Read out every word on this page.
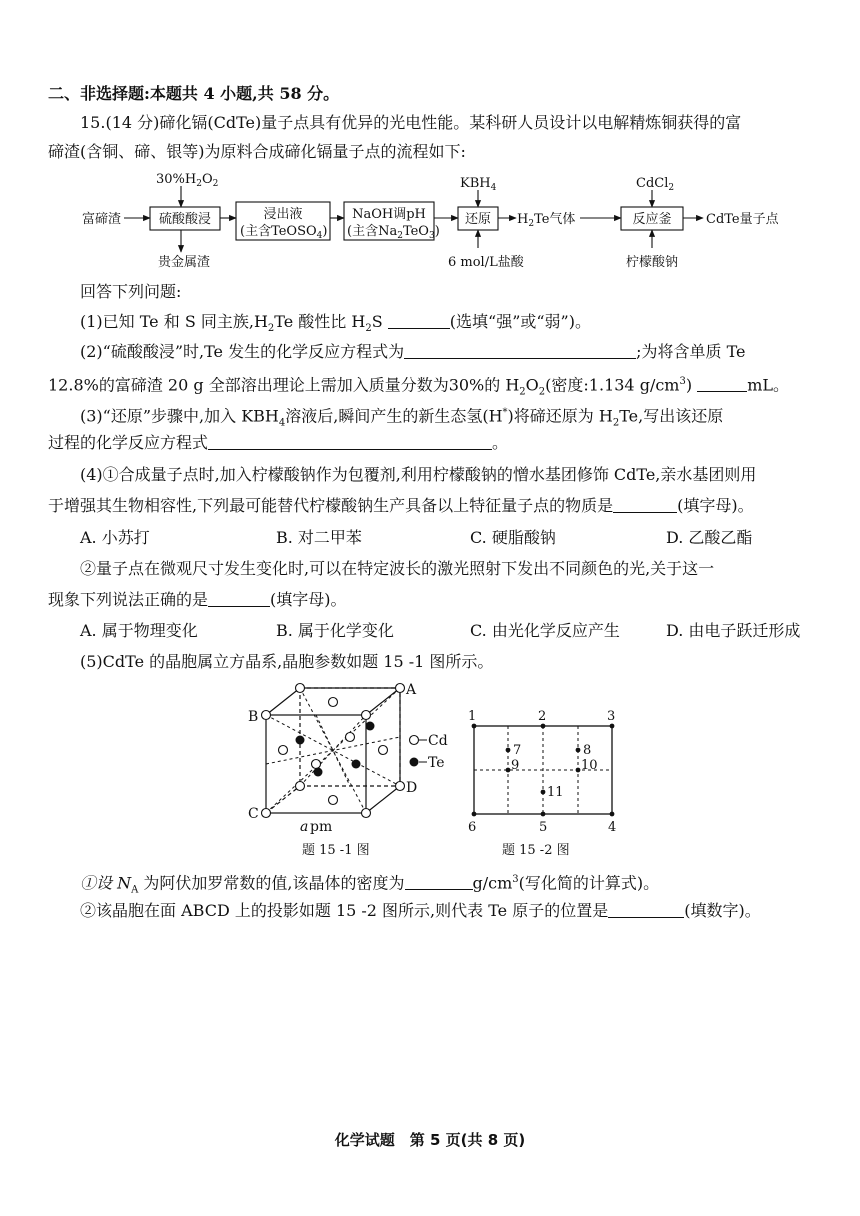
二、非选择题:本题共 4 小题,共 58 分。
15.(14 分)碲化镉(CdTe)量子点具有优异的光电性能。某科研人员设计以电解精炼铜获得的富
碲渣(含铜、碲、银等)为原料合成碲化镉量子点的流程如下:
富碲渣
$30\%H_2O_2$
硫酸酸浸
贵金属渣
浸出液
(主含TeOSO$_4$)
NaOH调pH
(主含$Na_2TeO_3$)
$KBH_4$
还原
6 mol/L盐酸
$H_2Te$气体
CdCl$_2$
反应釜
柠檬酸钠
CdTe量子点
回答下列问题:
(1)已知 Te 和 S 同主族$,H_2Te$ 酸性比 $H_2S$	(选填“强”或“弱”)。
(2)“硫酸酸浸”时,Te 发生的化学反应方程式为	;为将含单质 Te
12.8%的富碲渣 20 g 全部溶出理论上需加入质量分数为30%的 $H_2O_2$(密度:1.134 $g/cm^3$)	mL。
(3)“还原”步骤中,加入 $KBH_4$溶液后,瞬间产生的新生态氢(H*)将碲还原为 $H_2Te$,写出该还原
过程的化学反应方程式	。
(4)①合成量子点时,加入柠檬酸钠作为包覆剂,利用柠檬酸钠的憎水基团修饰 CdTe,亲水基团则用
于增强其生物相容性,下列最可能替代柠檬酸钠生产具备以上特征量子点的物质是	(填字母)。
A. 小苏打	B. 对二甲苯	C. 硬脂酸钠	D. 乙酸乙酯
②量子点在微观尺寸发生变化时,可以在特定波长的激光照射下发出不同颜色的光,关于这一
现象下列说法正确的是	(填字母)。
A. 属于物理变化	B. 属于化学变化	C. 由光化学反应产生	D. 由电子跃迁形成
(5)CdTe 的晶胞属立方晶系,晶胞参数如题 15 -1 图所示。
A
B
C
D
a pm
题 15 -1 图
Cd
Te
1	2	3
4
5
6
7	8
9	10
11
题 15 -2 图
①设 $N_A$ 为阿伏加罗常数的值,该晶体的密度为	$g/cm^3$(写化简的计算式)。
②该晶胞在面 ABCD 上的投影如题 15 -2 图所示,则代表 Te 原子的位置是	(填数字)。
化学试题　第 5 页(共 8 页)
